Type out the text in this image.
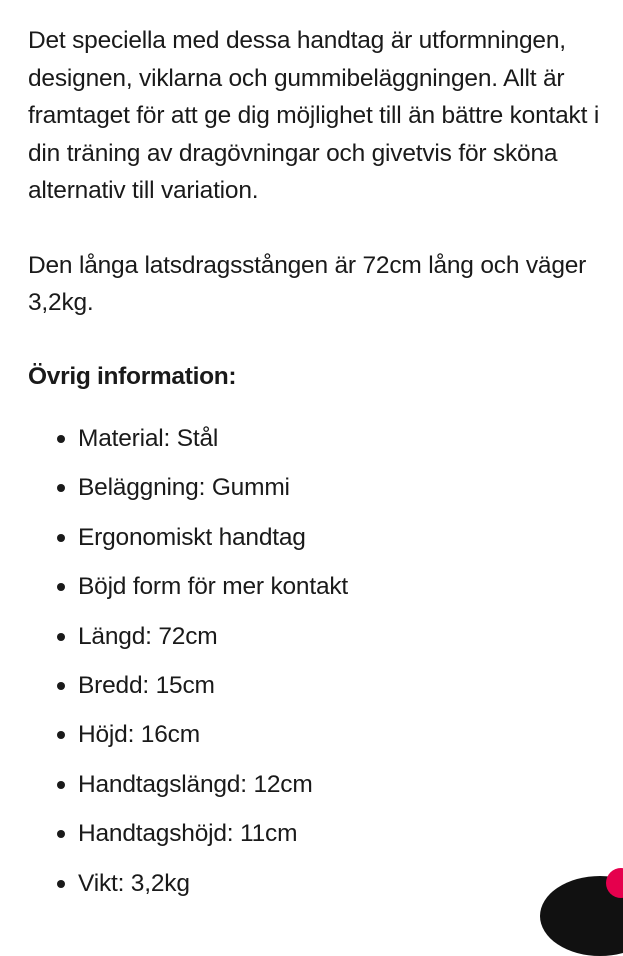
Det speciella med dessa handtag är utformningen, designen, viklarna och gummibeläggningen. Allt är framtaget för att ge dig möjlighet till än bättre kontakt i din träning av dragövningar och givetvis för sköna alternativ till variation.

Den långa latsdragsstången är 72cm lång och väger 3,2kg.

Övrig information:
Material: Stål
Beläggning: Gummi
Ergonomiskt handtag
Böjd form för mer kontakt
Längd: 72cm
Bredd: 15cm
Höjd: 16cm
Handtagslängd: 12cm
Handtagshöjd: 11cm
Vikt: 3,2kg
